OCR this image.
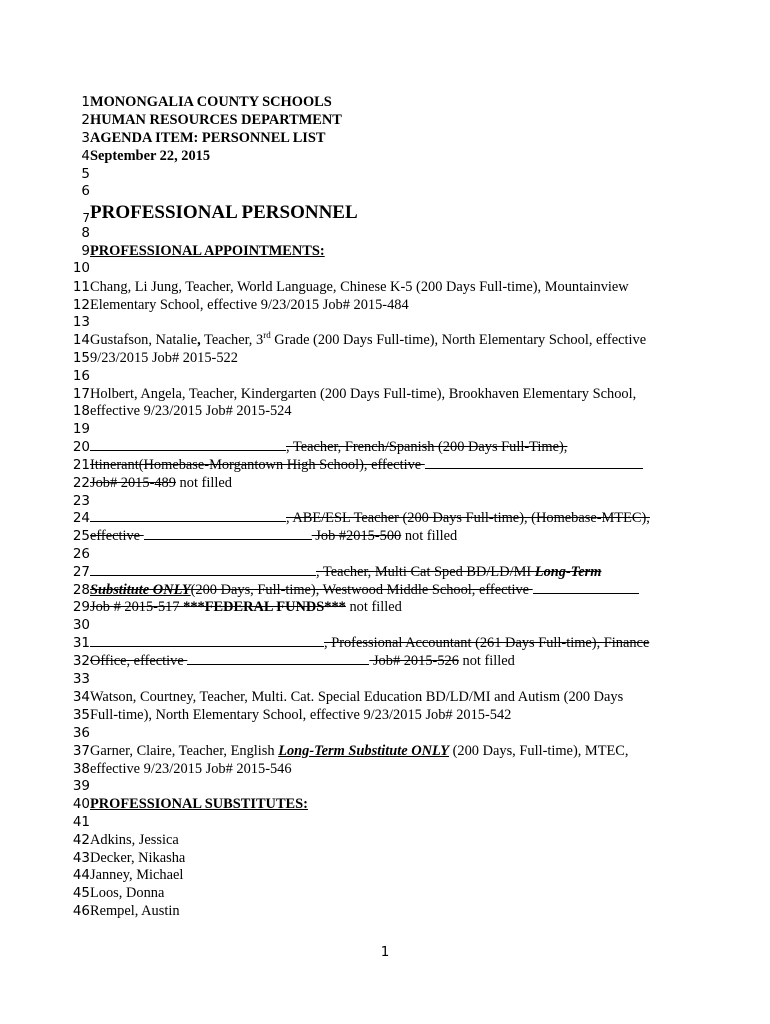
1 MONONGALIA COUNTY SCHOOLS
2 HUMAN RESOURCES DEPARTMENT
3 AGENDA ITEM: PERSONNEL LIST
4 September 22, 2015
5
6
7 PROFESSIONAL PERSONNEL
8
9 PROFESSIONAL APPOINTMENTS:
10
11 Chang, Li Jung, Teacher, World Language, Chinese K-5 (200 Days Full-time), Mountainview
12 Elementary School, effective 9/23/2015 Job# 2015-484
13
14 Gustafson, Natalie, Teacher, 3rd Grade (200 Days Full-time), North Elementary School, effective
15 9/23/2015 Job# 2015-522
16
17 Holbert, Angela, Teacher, Kindergarten (200 Days Full-time), Brookhaven Elementary School,
18 effective 9/23/2015 Job# 2015-524
19
20	, Teacher, French/Spanish (200 Days Full-Time),
21 Itinerant(Homebase-Morgantown High School), effective
22 Job# 2015-489 not filled
23
24	, ABE/ESL Teacher (200 Days Full-time), (Homebase-MTEC),
25 effective	Job #2015-500 not filled
26
27	, Teacher, Multi Cat Sped BD/LD/MI Long-Term
28 Substitute ONLY(200 Days, Full-time), Westwood Middle School, effective
29 Job # 2015-517 ***FEDERAL FUNDS*** not filled
30
31	, Professional Accountant (261 Days Full-time), Finance
32 Office, effective	Job# 2015-526 not filled
33
34 Watson, Courtney, Teacher, Multi. Cat. Special Education BD/LD/MI and Autism (200 Days
35 Full-time), North Elementary School, effective 9/23/2015 Job# 2015-542
36
37 Garner, Claire, Teacher, English Long-Term Substitute ONLY (200 Days, Full-time), MTEC,
38 effective 9/23/2015 Job# 2015-546
39
40 PROFESSIONAL SUBSTITUTES:
41
42 Adkins, Jessica
43 Decker, Nikasha
44 Janney, Michael
45 Loos, Donna
46 Rempel, Austin
1
